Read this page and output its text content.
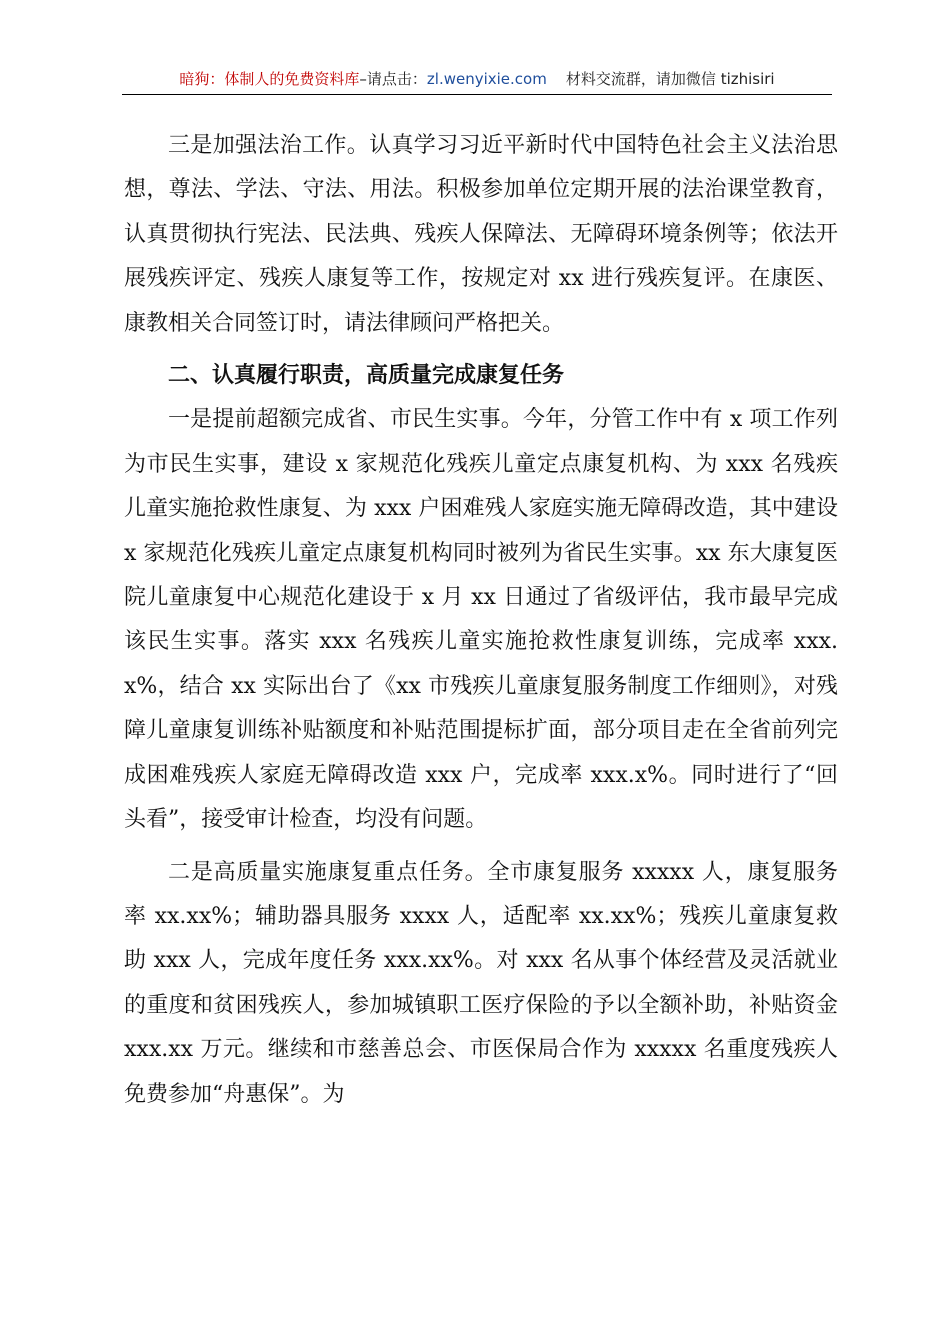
暗狗：体制人的免费资料库–请点击：zl.wenyixie.com 材料交流群，请加微信 tizhisiri

三是加强法治工作。认真学习习近平新时代中国特色社会主义法治思想，尊法、学法、守法、用法。积极参加单位定期开展的法治课堂教育，认真贯彻执行宪法、民法典、残疾人保障法、无障碍环境条例等；依法开展残疾评定、残疾人康复等工作，按规定对 xx 进行残疾复评。在康医、康教相关合同签订时，请法律顾问严格把关。

二、认真履行职责，高质量完成康复任务

一是提前超额完成省、市民生实事。今年，分管工作中有 x 项工作列为市民生实事，建设 x 家规范化残疾儿童定点康复机构、为 xxx 名残疾儿童实施抢救性康复、为 xxx 户困难残人家庭实施无障碍改造，其中建设 x 家规范化残疾儿童定点康复机构同时被列为省民生实事。xx 东大康复医院儿童康复中心规范化建设于 x 月 xx 日通过了省级评估，我市最早完成该民生实事。落实 xxx 名残疾儿童实施抢救性康复训练，完成率 xxx.x%，结合 xx 实际出台了《xx 市残疾儿童康复服务制度工作细则》，对残障儿童康复训练补贴额度和补贴范围提标扩面，部分项目走在全省前列完成困难残疾人家庭无障碍改造 xxx 户，完成率 xxx.x%。同时进行了“回头看”，接受审计检查，均没有问题。

二是高质量实施康复重点任务。全市康复服务 xxxxx 人，康复服务率 xx.xx%；辅助器具服务 xxxx 人，适配率 xx.xx%；残疾儿童康复救助 xxx 人，完成年度任务 xxx.xx%。对 xxx 名从事个体经营及灵活就业的重度和贫困残疾人，参加城镇职工医疗保险的予以全额补助，补贴资金 xxx.xx 万元。继续和市慈善总会、市医保局合作为 xxxxx 名重度残疾人免费参加“舟惠保”。为
